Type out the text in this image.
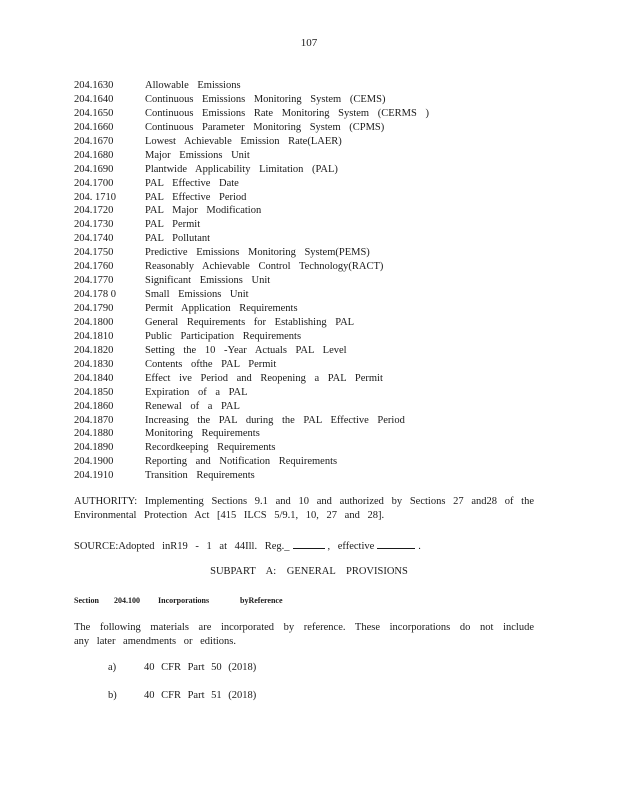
107
204.1630	Allowable Emissions
204.1640	Continuous Emissions Monitoring System (CEMS)
204.1650	Continuous Emissions Rate Monitoring System (CERMS )
204.1660	Continuous Parameter Monitoring System (CPMS)
204.1670	Lowest Achievable Emission Rate(LAER)
204.1680	Major Emissions Unit
204.1690	Plantwide Applicability Limitation (PAL)
204.1700	PAL Effective Date
204. 1710	PAL Effective Period
204.1720	PAL Major Modification
204.1730	PAL Permit
204.1740	PAL Pollutant
204.1750	Predictive Emissions Monitoring System(PEMS)
204.1760	Reasonably Achievable Control Technology(RACT)
204.1770	Significant Emissions Unit
204.178 0	Small Emissions Unit
204.1790	Permit Application Requirements
204.1800	General Requirements for Establishing PAL
204.1810	Public Participation Requirements
204.1820	Setting the 10 -Year Actuals PAL Level
204.1830	Contents ofthe PAL Permit
204.1840	Effect ive Period and Reopening a PAL Permit
204.1850	Expiration of a PAL
204.1860	Renewal of a PAL
204.1870	Increasing the PAL during the PAL Effective Period
204.1880	Monitoring Requirements
204.1890	Recordkeeping Requirements
204.1900	Reporting and Notification Requirements
204.1910	Transition Requirements
AUTHORITY: Implementing Sections 9.1 and 10 and authorized by Sections 27 and28 of the Environmental Protection Act [415 ILCS 5/9.1, 10, 27 and 28].
SOURCE:Adopted inR19 - 1 at 44Ill. Reg._	, effective	.
SUBPART A: GENERAL PROVISIONS
Section 204.100 Incorporations	byReference
The following materials are incorporated by reference. These incorporations do not include any later amendments or editions.
a)	40 CFR Part 50 (2018)
b)	40 CFR Part 51 (2018)
